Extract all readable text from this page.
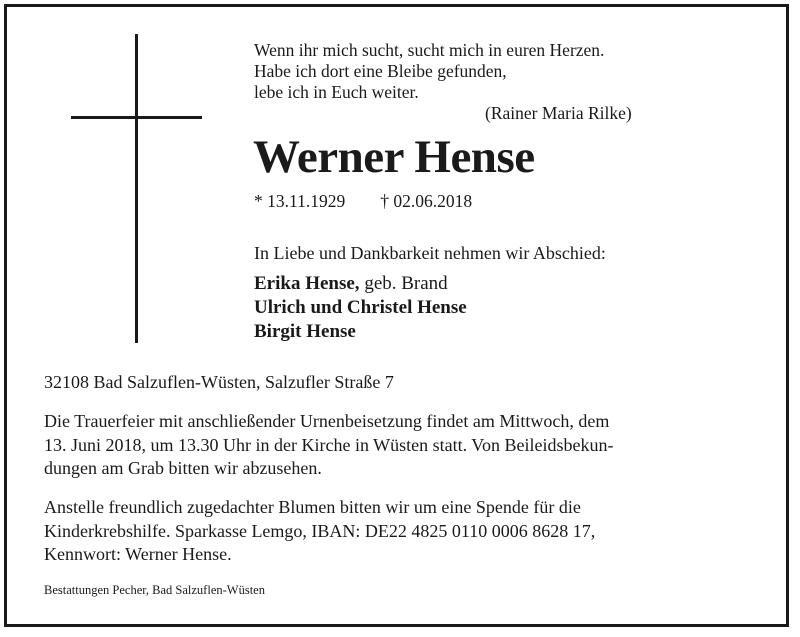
Wenn ihr mich sucht, sucht mich in euren Herzen.
Habe ich dort eine Bleibe gefunden,
lebe ich in Euch weiter.
(Rainer Maria Rilke)
Werner Hense
* 13.11.1929 † 02.06.2018
In Liebe und Dankbarkeit nehmen wir Abschied:
Erika Hense, geb. Brand
Ulrich und Christel Hense
Birgit Hense
32108 Bad Salzuflen-Wüsten, Salzufler Straße 7
Die Trauerfeier mit anschließender Urnenbeisetzung findet am Mittwoch, dem
13. Juni 2018, um 13.30 Uhr in der Kirche in Wüsten statt. Von Beileidsbekun-
dungen am Grab bitten wir abzusehen.
Anstelle freundlich zugedachter Blumen bitten wir um eine Spende für die
Kinderkrebshilfe. Sparkasse Lemgo, IBAN: DE22 4825 0110 0006 8628 17,
Kennwort: Werner Hense.
Bestattungen Pecher, Bad Salzuflen-Wüsten
